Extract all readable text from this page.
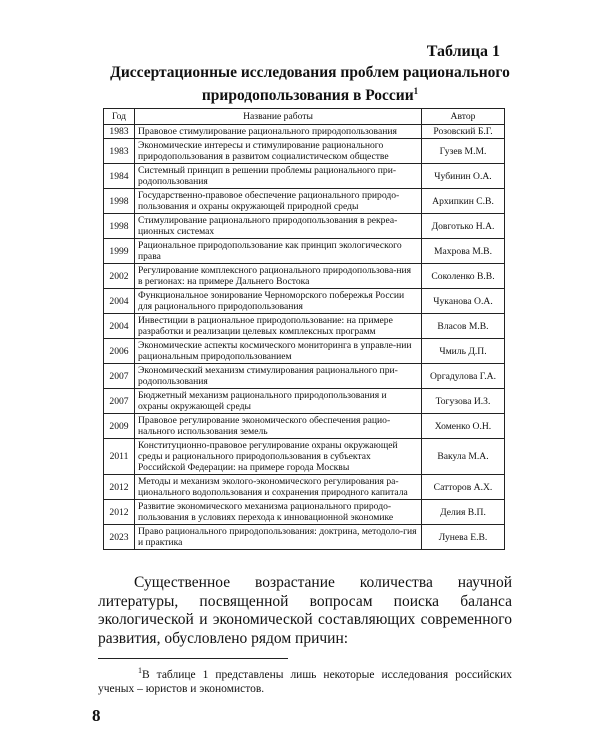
Таблица 1
Диссертационные исследования проблем рационального природопользования в России$^1$
Год	Название работы	Автор
1983	Правовое стимулирование рационального природопользования	Розовский Б.Г.
1983	Экономические интересы и стимулирование рационального природопользования в развитом социалистическом обществе	Гузев М.М.
1984	Системный принцип в решении проблемы рационального при-родопользования	Чубинин О.А.
1998	Государственно-правовое обеспечение рационального природо-пользования и охраны окружающей природной среды	Архипкин С.В.
1998	Стимулирование рационального природопользования в рекреа-ционных системах	Довготько Н.А.
1999	Рациональное природопользование как принцип экологического права	Махрова М.В.
2002	Регулирование комплексного рационального природопользова-ния в регионах: на примере Дальнего Востока	Соколенко В.В.
2004	Функциональное зонирование Черноморского побережья России для рационального природопользования	Чуканова О.А.
2004	Инвестиции в рациональное природопользование: на примере разработки и реализации целевых комплексных программ	Власов М.В.
2006	Экономические аспекты космического мониторинга в управле-нии рациональным природопользованием	Чмиль Д.П.
2007	Экономический механизм стимулирования рационального при-родопользования	Оргадулова Г.А.
2007	Бюджетный механизм рационального природопользования и охраны окружающей среды	Тогузова И.З.
2009	Правовое регулирование экономического обеспечения рацио-нального использования земель	Хоменко О.Н.
2011	Конституционно-правовое регулирование охраны окружающей среды и рационального природопользования в субъектах Российской Федерации: на примере города Москвы	Вакула М.А.
2012	Методы и механизм эколого-экономического регулирования ра-ционального водопользования и сохранения природного капитала	Сатторов А.Х.
2012	Развитие экономического механизма рационального природо-пользования в условиях перехода к инновационной экономике	Делия В.П.
2023	Право рационального природопользования: доктрина, методоло-гия и практика	Лунева Е.В.

Существенное возрастание количества научной литературы, посвященной вопросам поиска баланса экологической и экономической составляющих современного развития, обусловлено рядом причин:

$^1$В таблице 1 представлены лишь некоторые исследования российских ученых – юристов и экономистов.

8
